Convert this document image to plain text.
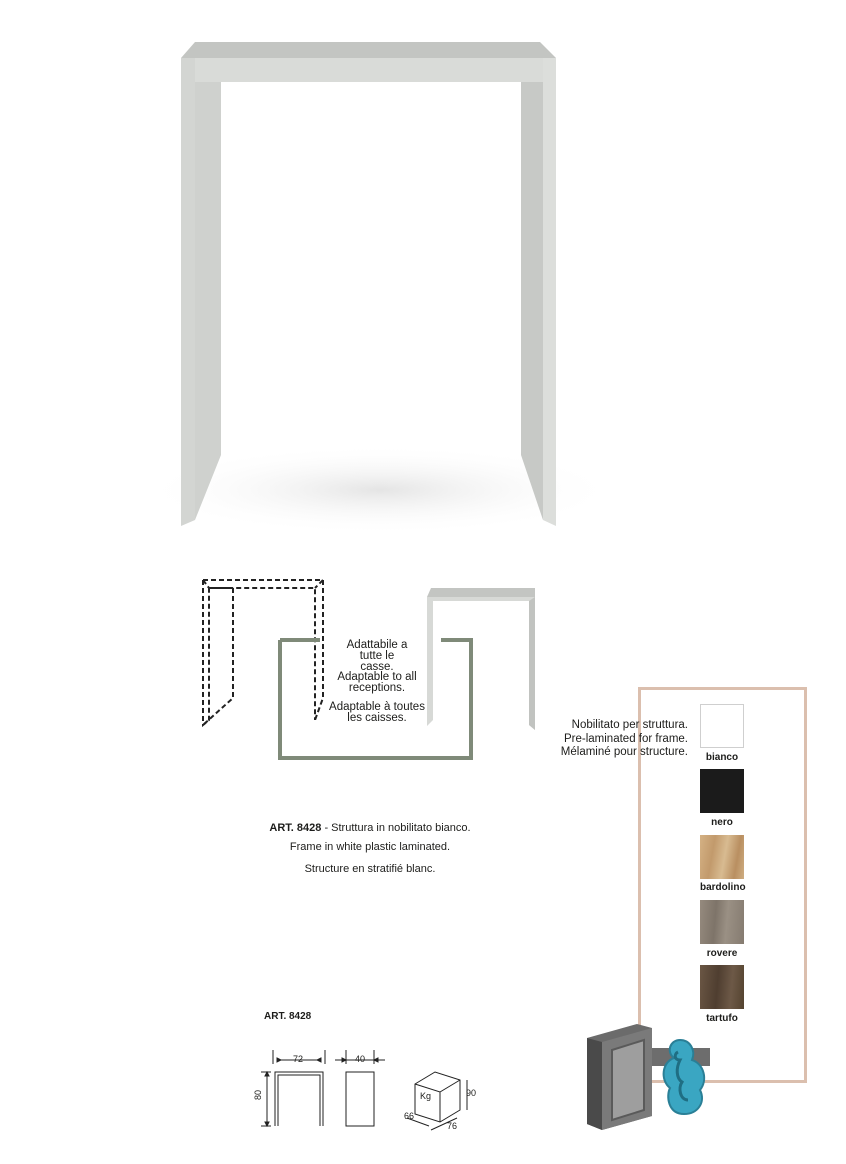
Adattabile a tutte le casse.
Adaptable to all receptions.
Adaptable à toutes les caisses.
Nobilitato per struttura.
Pre-laminated for frame.
Mélaminé pour structure.	bianco
nero
bardolino
rovere
tartufo
ART. 8428 - Struttura in nobilitato bianco.
Frame in white plastic laminated.
Structure en stratifié blanc.
ART. 8428
72	40
80	Kg	90
66
76
